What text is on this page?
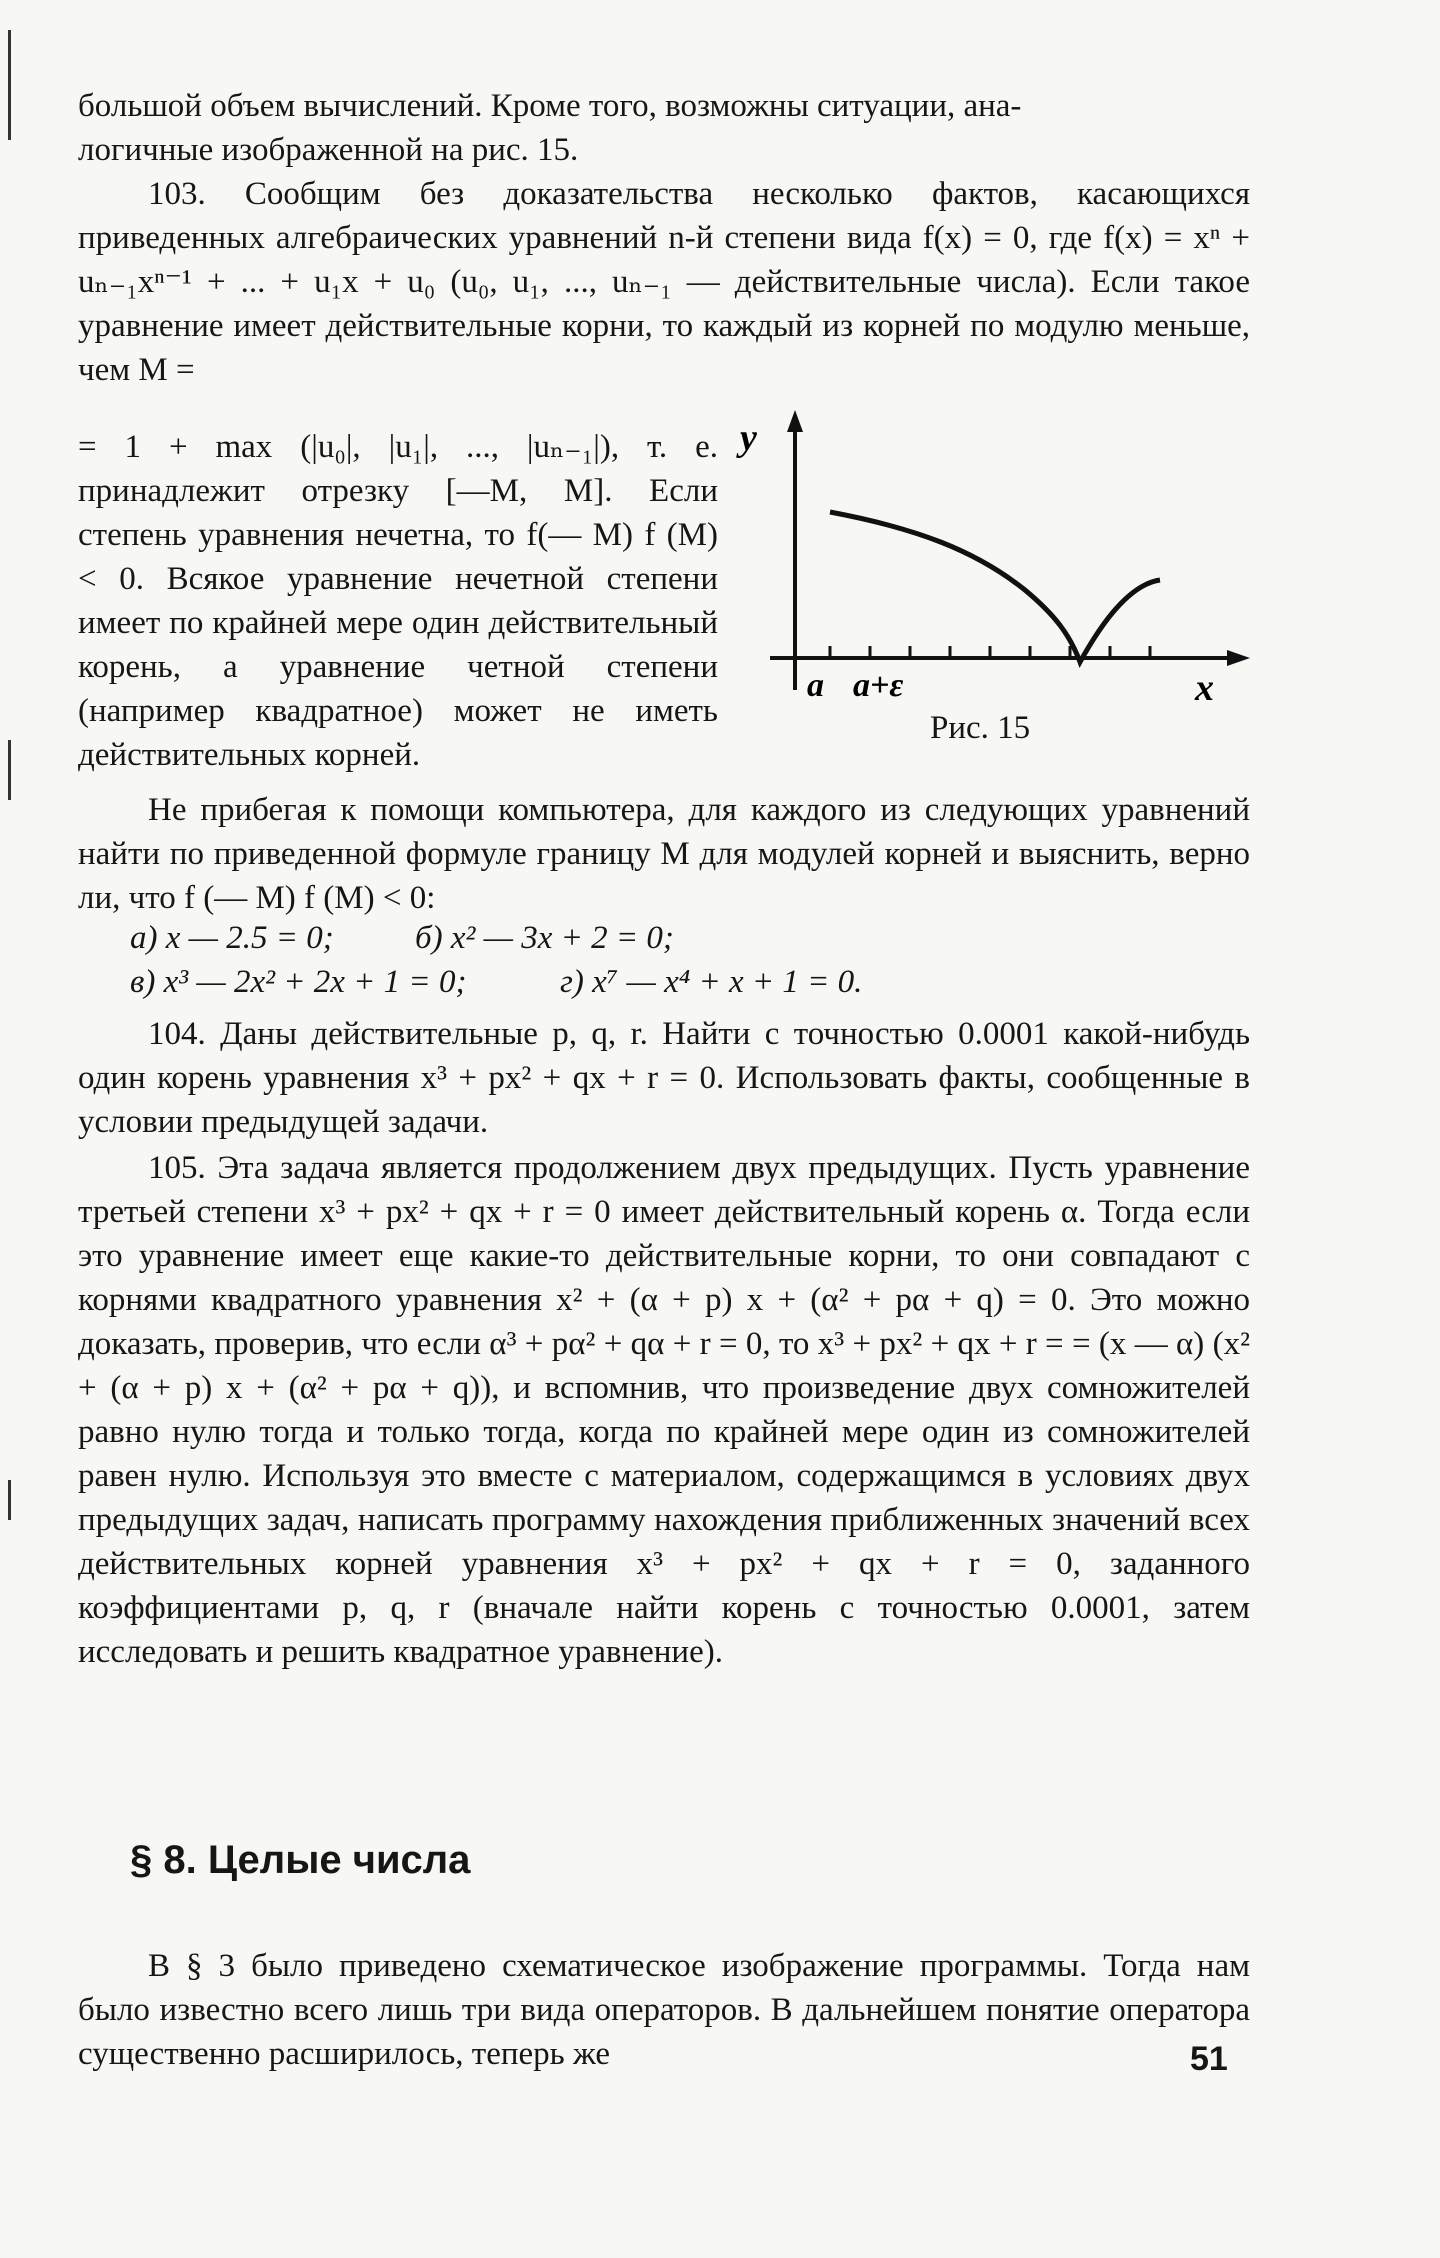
большой объем вычислений. Кроме того, возможны ситуации, ана-

логичные изображенной на рис. 15.

103. Сообщим без доказательства несколько фактов, касающихся приведенных алгебраических уравнений n-й степени вида f(x) = 0, где f(x) = xⁿ + uₙ₋₁xⁿ⁻¹ + ... + u₁x + u₀ (u₀, u₁, ..., uₙ₋₁ — действительные числа). Если такое уравнение имеет действительные корни, то каждый из корней по модулю меньше, чем M =

= 1 + max (|u₀|, |u₁|, ..., |uₙ₋₁|), т. е. принадлежит отрезку [—M, M]. Если степень уравнения нечетна, то f(— M) f (M) < 0. Всякое уравнение нечетной степени имеет по крайней мере один действительный корень, а уравнение четной степени (например квадратное) может не иметь действительных корней.

y
x
a a+ε
Рис. 15

Не прибегая к помощи компьютера, для каждого из следующих уравнений найти по приведенной формуле границу M для модулей корней и выяснить, верно ли, что f (— M) f (M) < 0:

а) x — 2.5 = 0; б) x² — 3x + 2 = 0;
в) x³ — 2x² + 2x + 1 = 0;	г) x⁷ — x⁴ + x + 1 = 0.

104. Даны действительные p, q, r. Найти с точностью 0.0001 какой-нибудь один корень уравнения x³ + px² + qx + r = 0. Использовать факты, сообщенные в условии предыдущей задачи.

105. Эта задача является продолжением двух предыдущих. Пусть уравнение третьей степени x³ + px² + qx + r = 0 имеет действительный корень α. Тогда если это уравнение имеет еще какие-то действительные корни, то они совпадают с корнями квадратного уравнения x² + (α + p) x + (α² + pα + q) = 0. Это можно доказать, проверив, что если α³ + pα² + qα + r = 0, то x³ + px² + qx + r = = (x — α) (x² + (α + p) x + (α² + pα + q)), и вспомнив, что произведение двух сомножителей равно нулю тогда и только тогда, когда по крайней мере один из сомножителей равен нулю. Используя это вместе с материалом, содержащимся в условиях двух предыдущих задач, написать программу нахождения приближенных значений всех действительных корней уравнения x³ + px² + qx + r = 0, заданного коэффициентами p, q, r (вначале найти корень с точностью 0.0001, затем исследовать и решить квадратное уравнение).

§ 8. Целые числа

В § 3 было приведено схематическое изображение программы. Тогда нам было известно всего лишь три вида операторов. В дальнейшем понятие оператора существенно расширилось, теперь же	51
